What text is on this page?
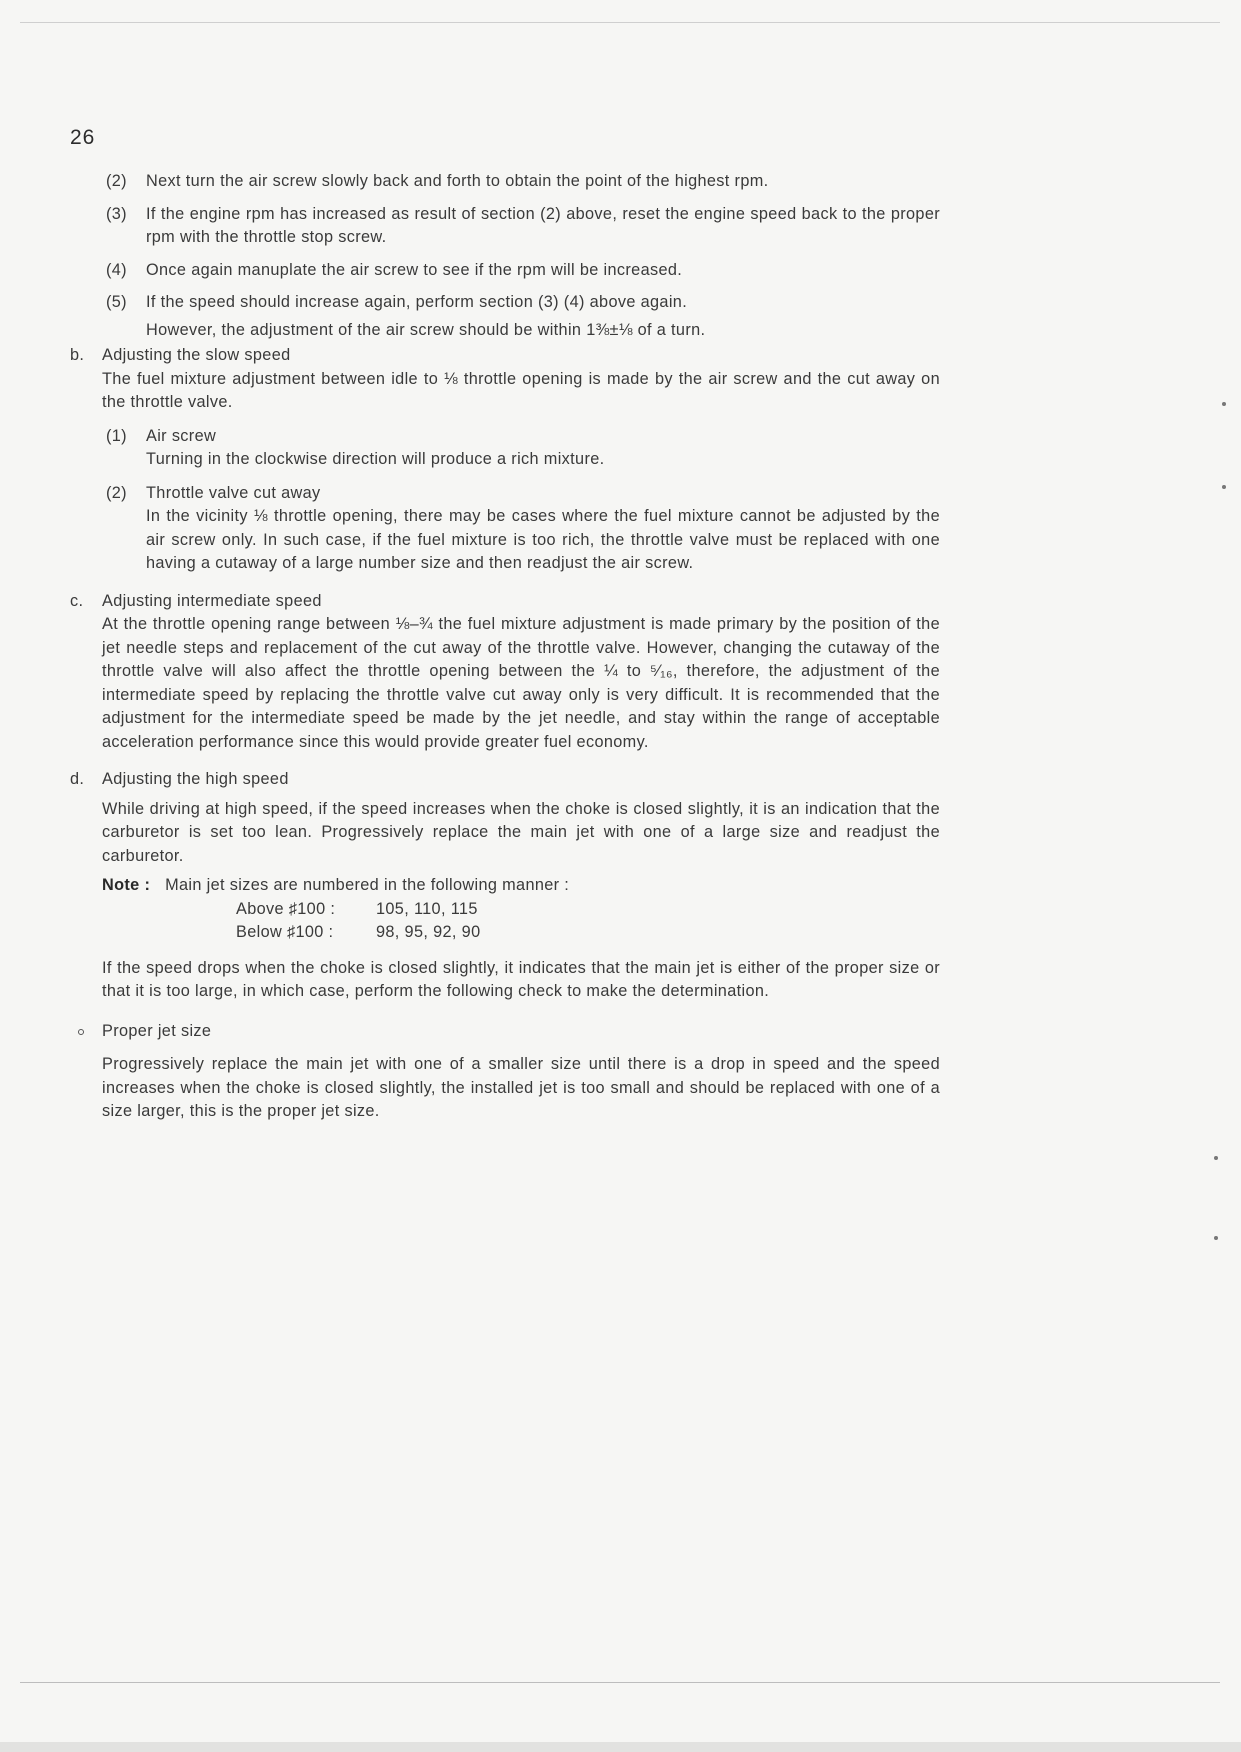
26
(2) Next turn the air screw slowly back and forth to obtain the point of the highest rpm.
(3) If the engine rpm has increased as result of section (2) above, reset the engine speed back to the proper rpm with the throttle stop screw.
(4) Once again manuplate the air screw to see if the rpm will be increased.
(5) If the speed should increase again, perform section (3) (4) above again.
However, the adjustment of the air screw should be within 1⅜±⅛ of a turn.
b. Adjusting the slow speed
The fuel mixture adjustment between idle to ⅛ throttle opening is made by the air screw and the cut away on the throttle valve.
(1) Air screw
Turning in the clockwise direction will produce a rich mixture.
(2) Throttle valve cut away
In the vicinity ⅛ throttle opening, there may be cases where the fuel mixture cannot be adjusted by the air screw only. In such case, if the fuel mixture is too rich, the throttle valve must be replaced with one having a cutaway of a large number size and then readjust the air screw.
c. Adjusting intermediate speed
At the throttle opening range between ⅛–¾ the fuel mixture adjustment is made primary by the position of the jet needle steps and replacement of the cut away of the throttle valve. However, changing the cutaway of the throttle valve will also affect the throttle opening between the ¼ to ⁵⁄₁₆, therefore, the adjustment of the intermediate speed by replacing the throttle valve cut away only is very difficult. It is recommended that the adjustment for the intermediate speed be made by the jet needle, and stay within the range of acceptable acceleration performance since this would provide greater fuel economy.
d. Adjusting the high speed
While driving at high speed, if the speed increases when the choke is closed slightly, it is an indication that the carburetor is set too lean. Progressively replace the main jet with one of a large size and readjust the carburetor.
Note : Main jet sizes are numbered in the following manner :
Above ♯100 :	105, 110, 115
Below ♯100 :	98, 95, 92, 90
If the speed drops when the choke is closed slightly, it indicates that the main jet is either of the proper size or that it is too large, in which case, perform the following check to make the determination.
Proper jet size
Progressively replace the main jet with one of a smaller size until there is a drop in speed and the speed increases when the choke is closed slightly, the installed jet is too small and should be replaced with one of a size larger, this is the proper jet size.
